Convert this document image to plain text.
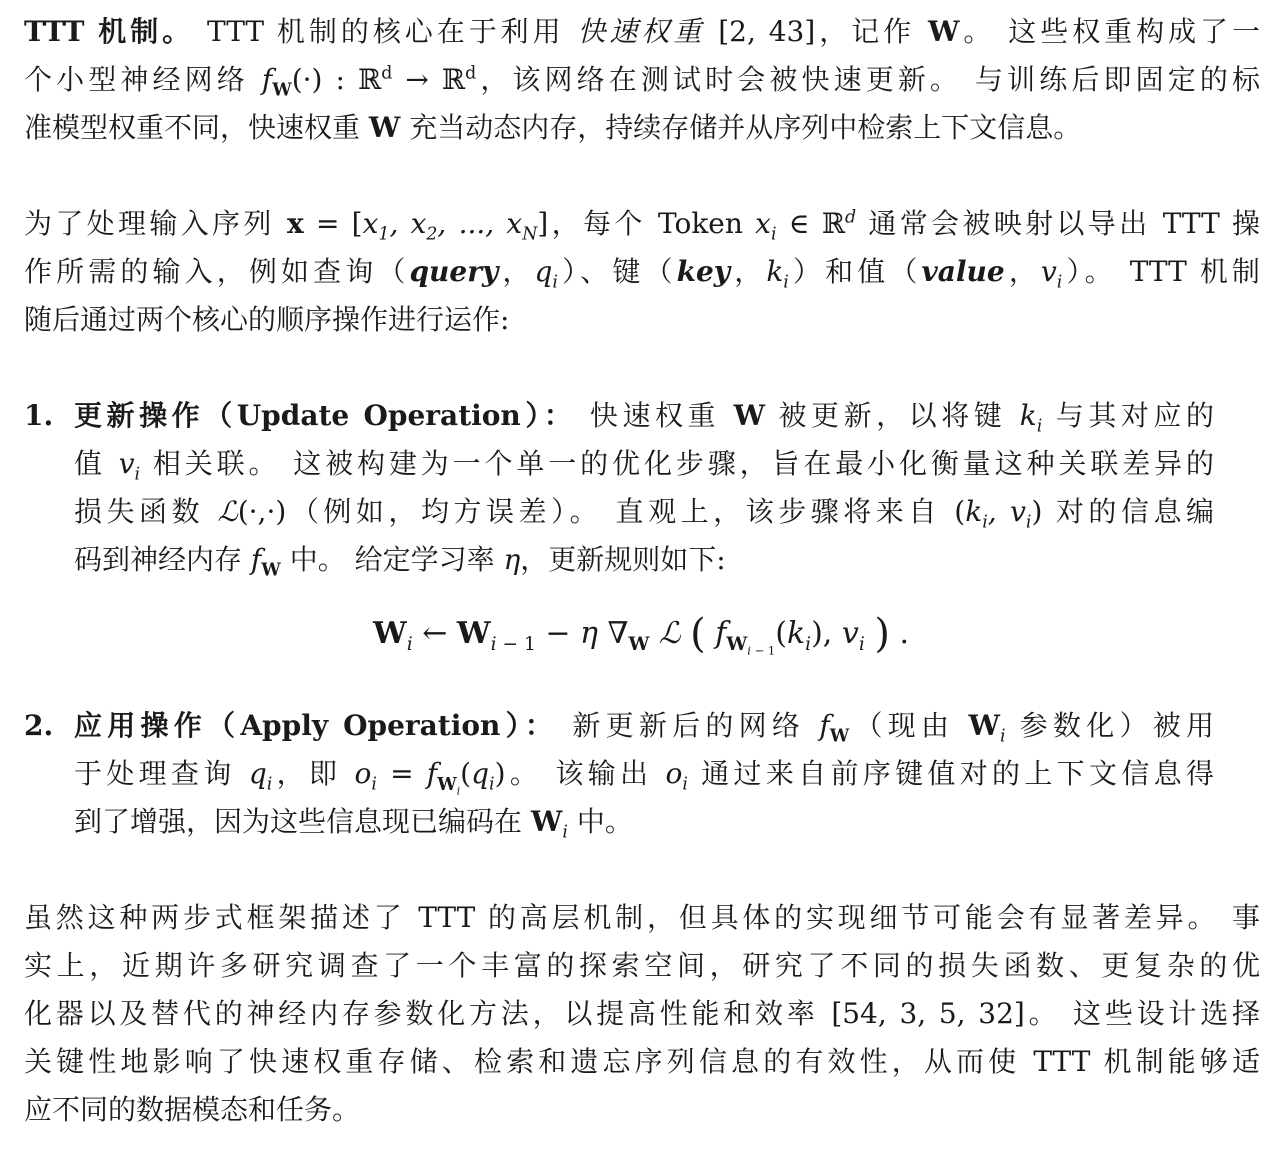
TTT 机制。 TTT 机制的核心在于利用 快速权重 [2, 43]，记作 W。 这些权重构成了一
个小型神经网络 $f_W(\cdot)$ : ℝ$^d$ → ℝ$^d$，该网络在测试时会被快速更新。 与训练后即固定的标
准模型权重不同，快速权重 W 充当动态内存，持续存储并从序列中检索上下文信息。
为了处理输入序列 $x = [x_1$, $x_2$, ..., $x_N$]，每个 Token $x_i$ ∈ ℝ$^d$ 通常会被映射以导出 TTT 操
作所需的输入，例如查询（query，$q_i$）、键（key，$k_i$）和值（value，$v_i$）。 TTT 机制
随后通过两个核心的顺序操作进行运作:
1. 更新操作（Update Operation）： 快速权重 W 被更新，以将键 $k_i$ 与其对应的
值 $v_i$ 相关联。 这被构建为一个单一的优化步骤，旨在最小化衡量这种关联差异的
损失函数 ℒ(·,·)（例如，均方误差）。 直观上，该步骤将来自 ($k_i$, $v_i$) 对的信息编
码到神经内存 $f_W$ 中。 给定学习率 η，更新规则如下:
$W_i$ ← $W_{i - 1} - \eta$ $\nabla_W$ ℒ ( $f_{W_{i - 1}}(k_i)$, $v_i$ ) .
2. 应用操作（Apply Operation）： 新更新后的网络 $f_W$（现由 $W_i$ 参数化）被用
于处理查询 $q_i$，即 $o_i = f_{W_i}(q_i)$。 该输出 $o_i$ 通过来自前序键值对的上下文信息得
到了增强，因为这些信息现已编码在 $W_i$ 中。
虽然这种两步式框架描述了 TTT 的高层机制，但具体的实现细节可能会有显著差异。 事
实上，近期许多研究调查了一个丰富的探索空间，研究了不同的损失函数、更复杂的优
化器以及替代的神经内存参数化方法，以提高性能和效率 [54, 3, 5, 32]。 这些设计选择
关键性地影响了快速权重存储、检索和遗忘序列信息的有效性，从而使 TTT 机制能够适
应不同的数据模态和任务。
